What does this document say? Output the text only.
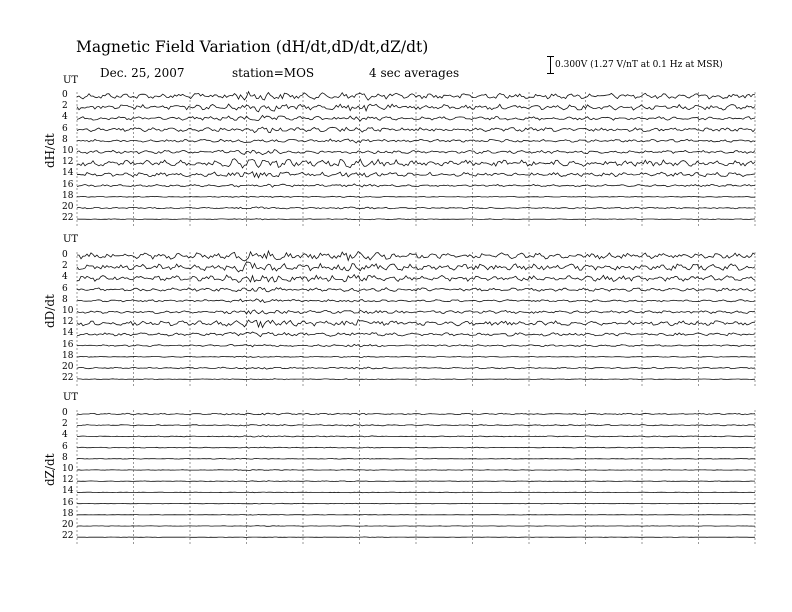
Magnetic Field Variation (dH/dt,dD/dt,dZ/dt)
Dec. 25, 2007	station=MOS	4 sec averages
0.300V (1.27 V/nT at 0.1 Hz at MSR)
0
2
4
6
8
10
12
14
16
18
20
22
UT
dH/dt
0
2
4
6
8
10
12
14
16
18
20
22
UT
dD/dt
0
2
4
6
8
10
12
14
16
18
20
22
UT
dZ/dt
